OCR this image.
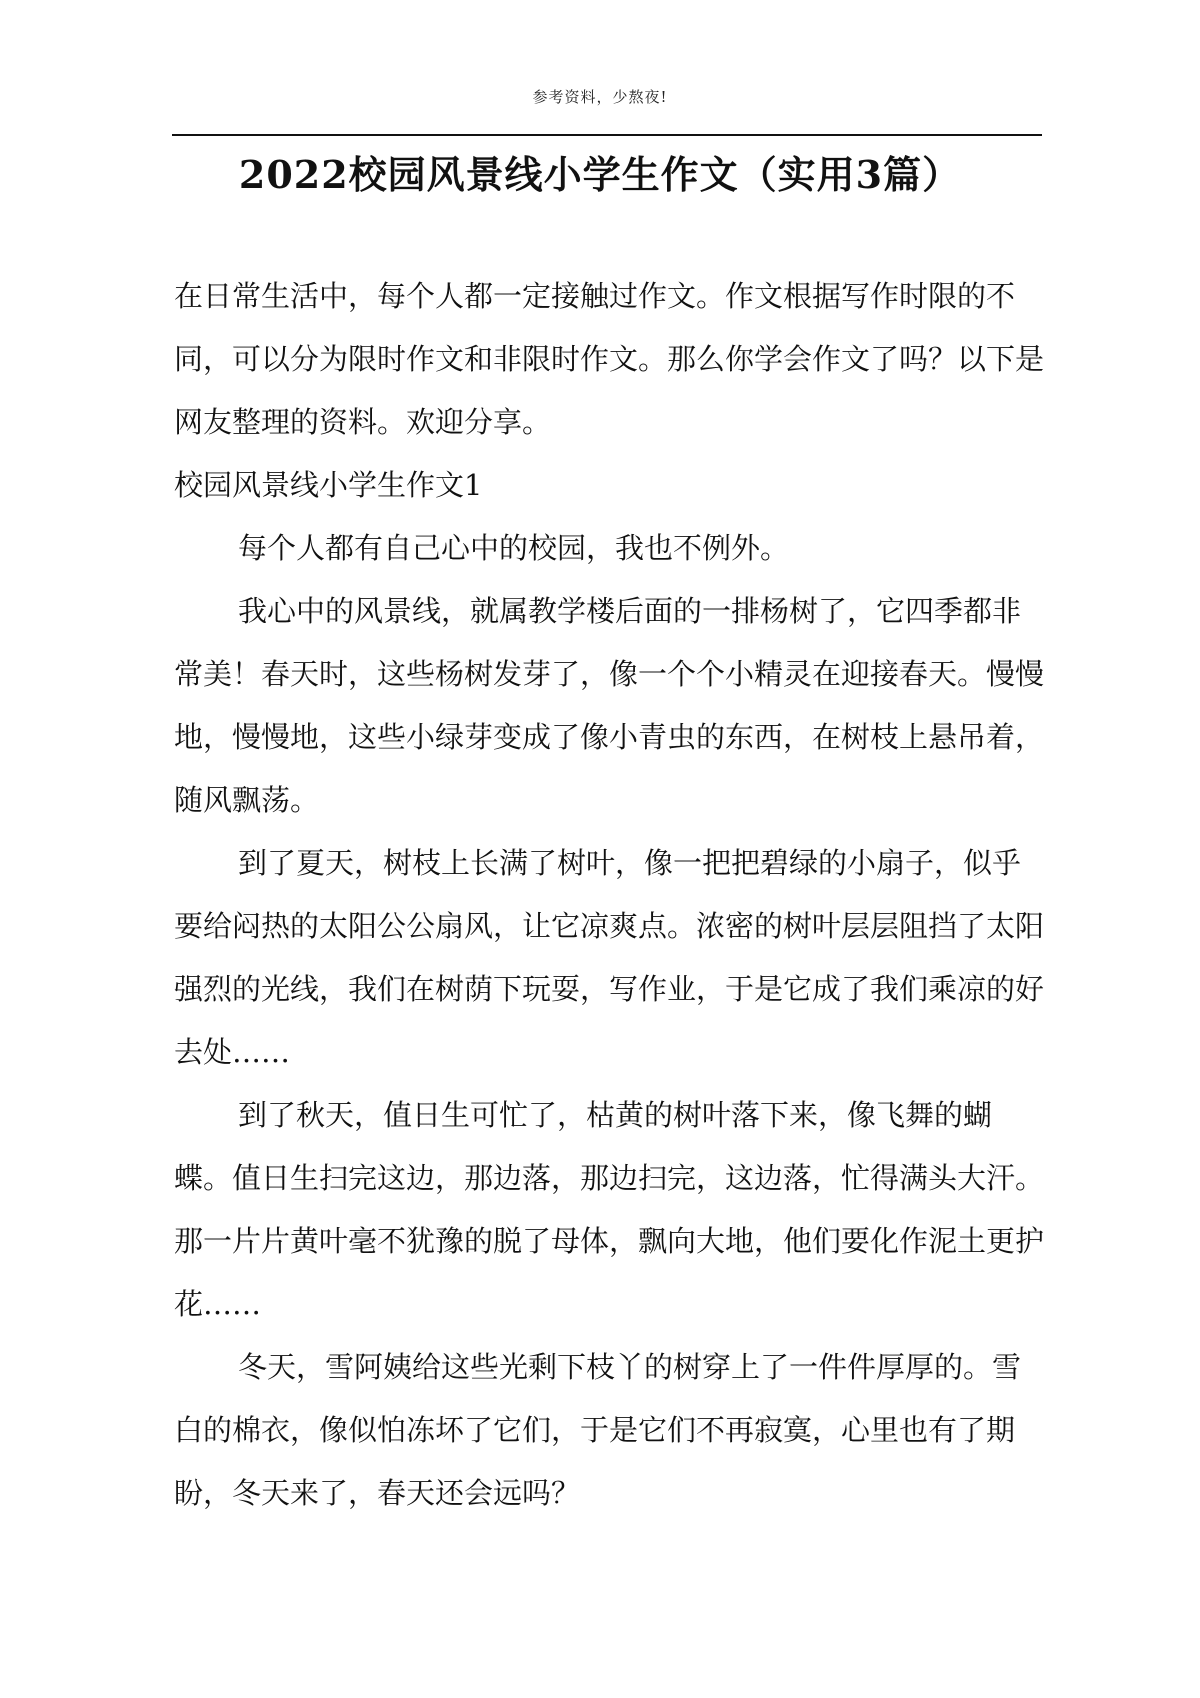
参考资料，少熬夜!
2022校园风景线小学生作文（实用3篇）

在日常生活中，每个人都一定接触过作文。作文根据写作时限的不同，可以分为限时作文和非限时作文。那么你学会作文了吗？以下是网友整理的资料。欢迎分享。

校园风景线小学生作文1

每个人都有自己心中的校园，我也不例外。

我心中的风景线，就属教学楼后面的一排杨树了，它四季都非常美！春天时，这些杨树发芽了，像一个个小精灵在迎接春天。慢慢地，慢慢地，这些小绿芽变成了像小青虫的东西，在树枝上悬吊着，随风飘荡。

到了夏天，树枝上长满了树叶，像一把把碧绿的小扇子，似乎要给闷热的太阳公公扇风，让它凉爽点。浓密的树叶层层阻挡了太阳强烈的光线，我们在树荫下玩耍，写作业，于是它成了我们乘凉的好去处……

到了秋天，值日生可忙了，枯黄的树叶落下来，像飞舞的蝴蝶。值日生扫完这边，那边落，那边扫完，这边落，忙得满头大汗。那一片片黄叶毫不犹豫的脱了母体，飘向大地，他们要化作泥土更护花……

冬天，雪阿姨给这些光剩下枝丫的树穿上了一件件厚厚的。雪白的棉衣，像似怕冻坏了它们，于是它们不再寂寞，心里也有了期盼，冬天来了，春天还会远吗？
